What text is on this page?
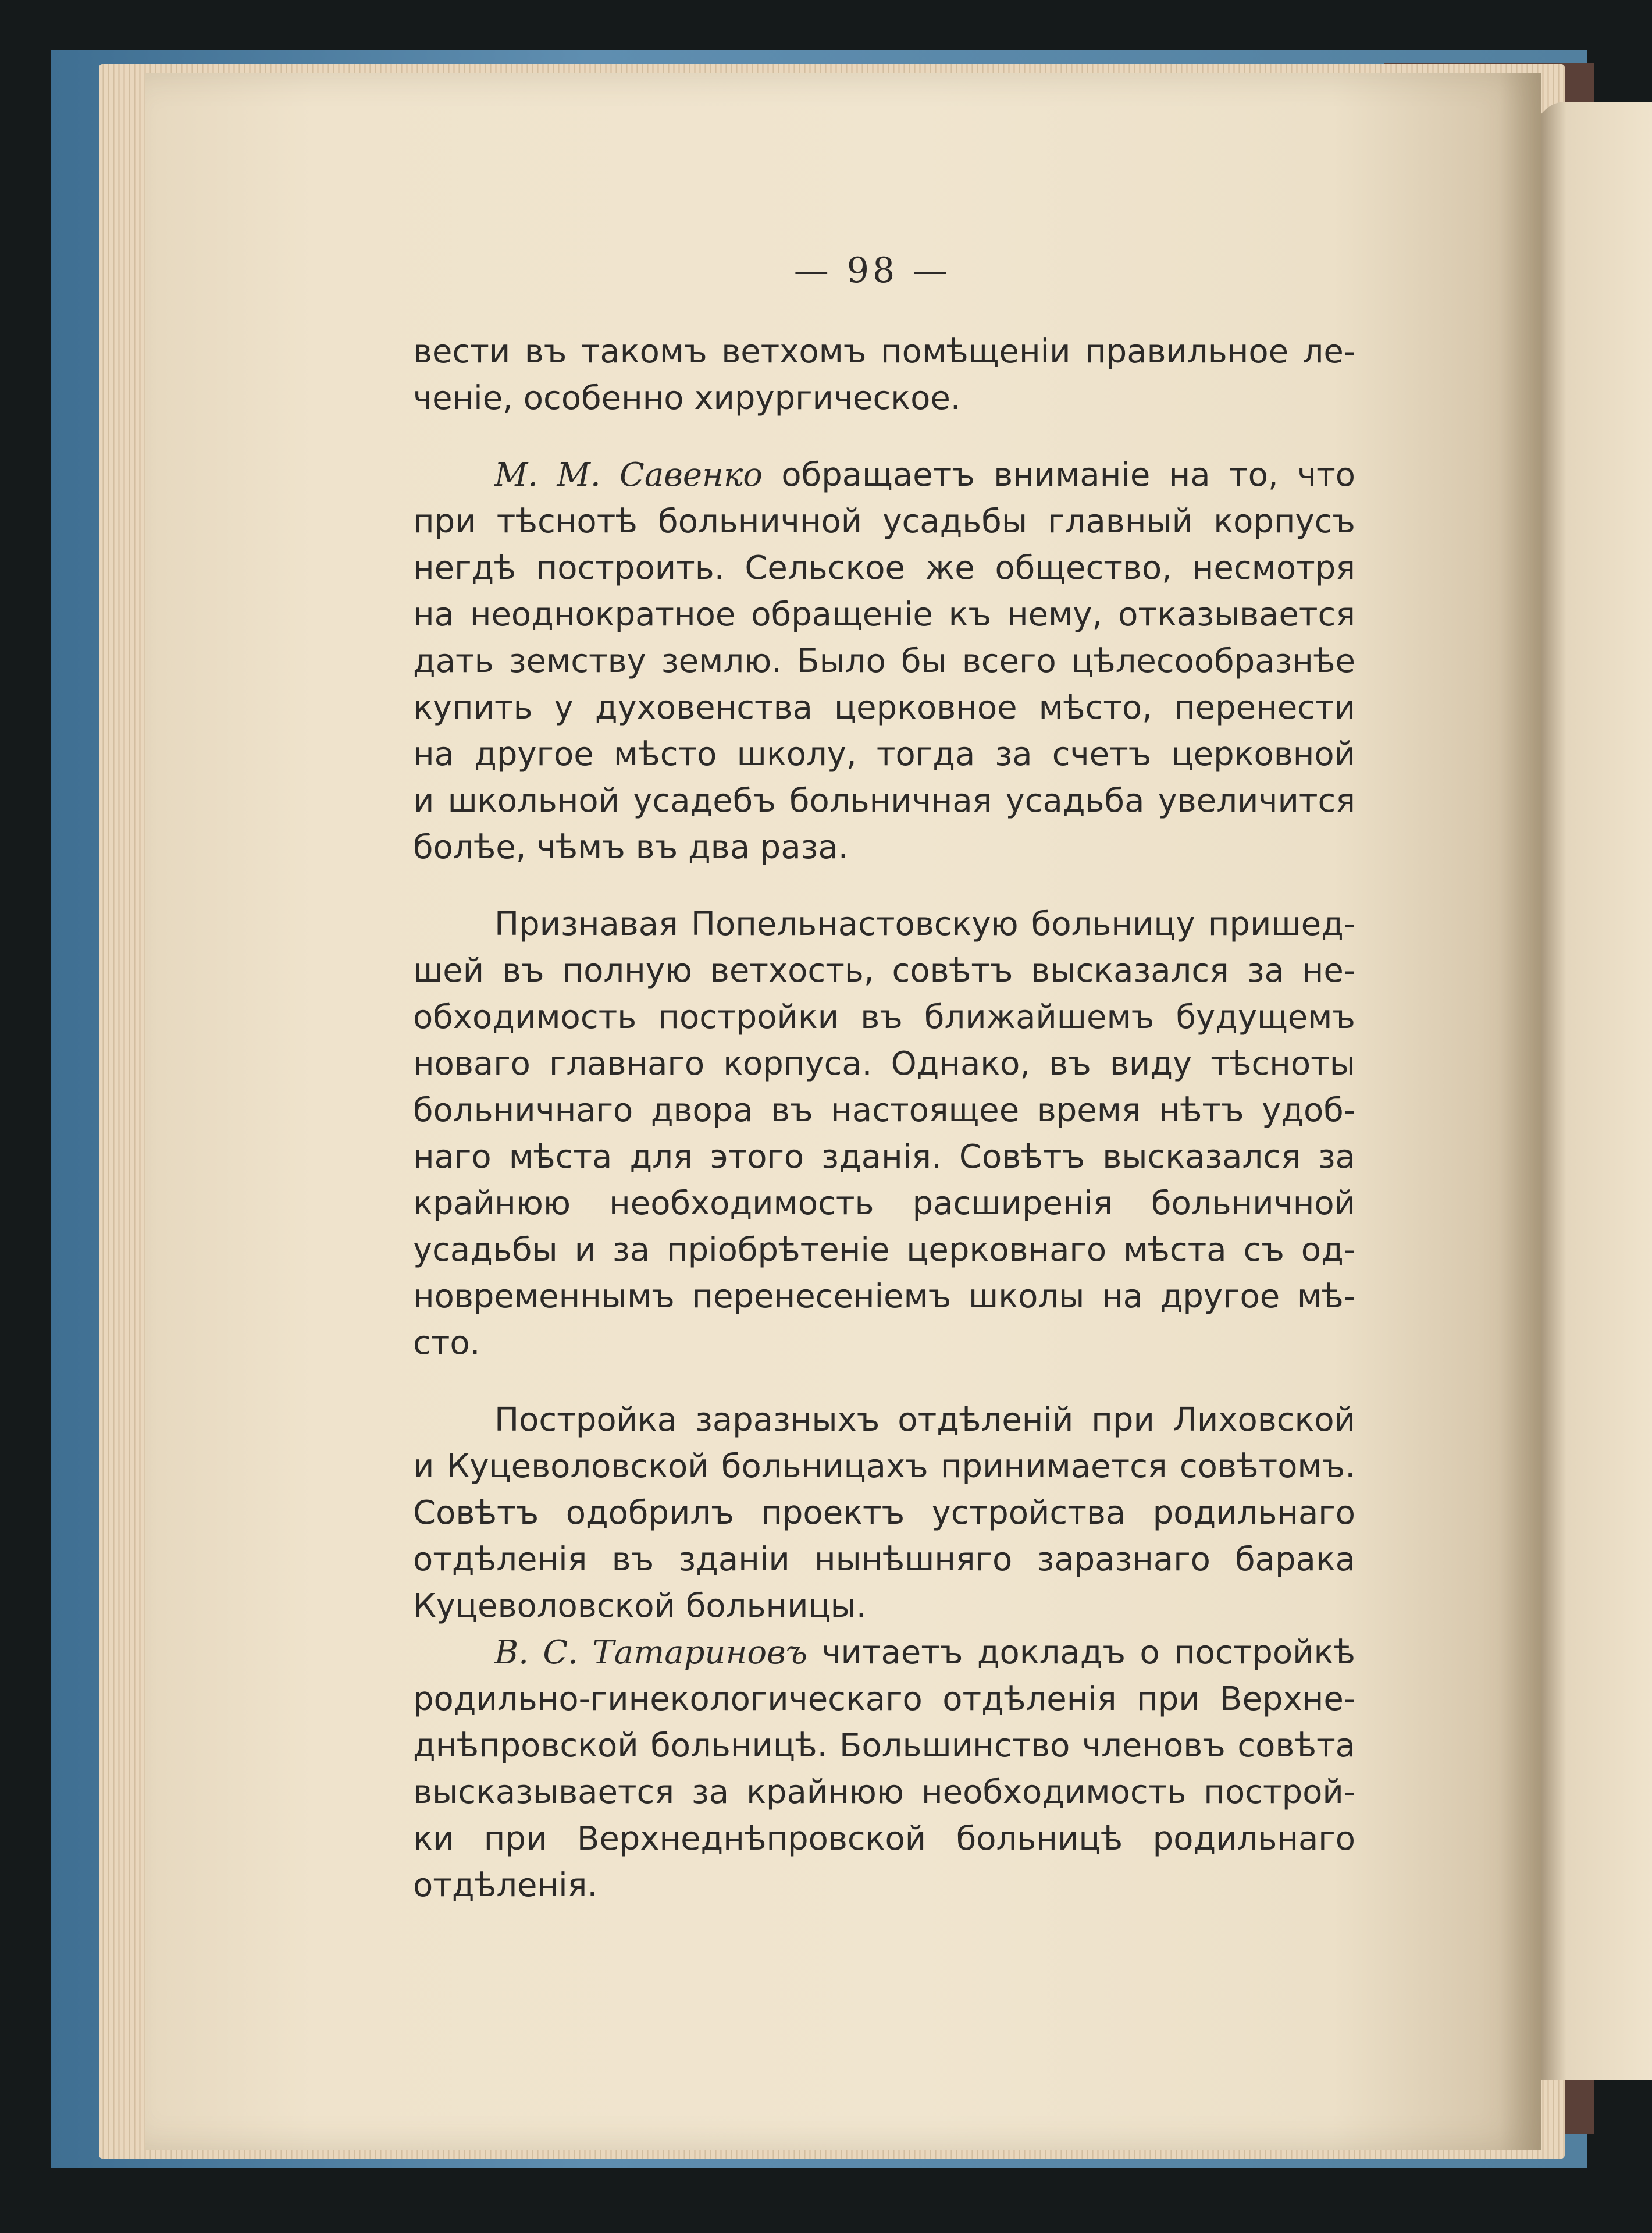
— 98 —
вести въ такомъ ветхомъ помѣщеніи правильное ле-
ченіе, особенно хирургическое.
М. М. Савенко обращаетъ вниманіе на то, что
при тѣснотѣ больничной усадьбы главный корпусъ
негдѣ построить. Сельское же общество, несмотря
на неоднократное обращеніе къ нему, отказывается
дать земству землю. Было бы всего цѣлесообразнѣе
купить у духовенства церковное мѣсто, перенести
на другое мѣсто школу, тогда за счетъ церковной
и школьной усадебъ больничная усадьба увеличится
болѣе, чѣмъ въ два раза.
Признавая Попельнастовскую больницу пришед-
шей въ полную ветхость, совѣтъ высказался за не-
обходимость постройки въ ближайшемъ будущемъ
новаго главнаго корпуса. Однако, въ виду тѣсноты
больничнаго двора въ настоящее время нѣтъ удоб-
наго мѣста для этого зданія. Совѣтъ высказался за
крайнюю необходимость расширенія больничной
усадьбы и за пріобрѣтеніе церковнаго мѣста съ од-
новременнымъ перенесеніемъ школы на другое мѣ-
сто.
Постройка заразныхъ отдѣленій при Лиховской
и Куцеволовской больницахъ принимается совѣтомъ.
Совѣтъ одобрилъ проектъ устройства родильнаго
отдѣленія въ зданіи нынѣшняго заразнаго барака
Куцеволовской больницы.
В. С. Татариновъ читаетъ докладъ о постройкѣ
родильно-гинекологическаго отдѣленія при Верхне-
днѣпровской больницѣ. Большинство членовъ совѣта
высказывается за крайнюю необходимость построй-
ки при Верхнеднѣпровской больницѣ родильнаго
отдѣленія.
